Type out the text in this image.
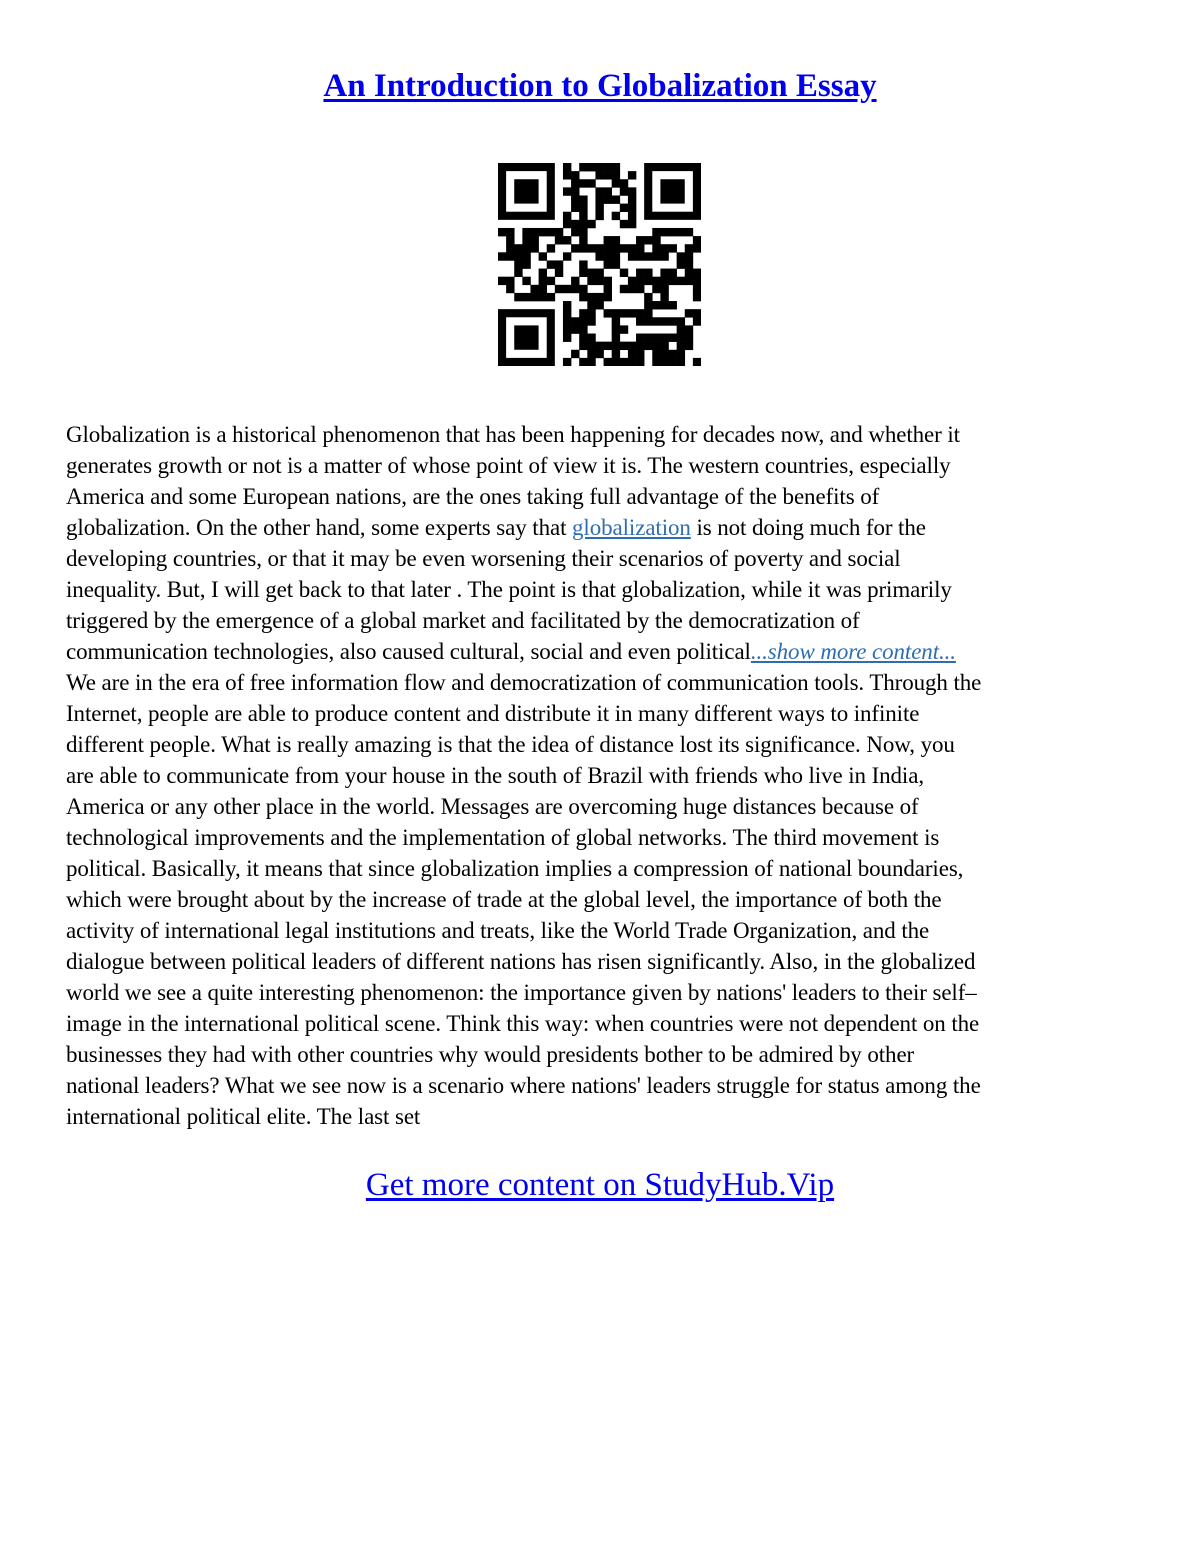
An Introduction to Globalization Essay

Globalization is a historical phenomenon that has been happening for decades now, and whether it
generates growth or not is a matter of whose point of view it is. The western countries, especially
America and some European nations, are the ones taking full advantage of the benefits of
globalization. On the other hand, some experts say that globalization is not doing much for the
developing countries, or that it may be even worsening their scenarios of poverty and social
inequality. But, I will get back to that later . The point is that globalization, while it was primarily
triggered by the emergence of a global market and facilitated by the democratization of
communication technologies, also caused cultural, social and even political...show more content...
We are in the era of free information flow and democratization of communication tools. Through the
Internet, people are able to produce content and distribute it in many different ways to infinite
different people. What is really amazing is that the idea of distance lost its significance. Now, you
are able to communicate from your house in the south of Brazil with friends who live in India,
America or any other place in the world. Messages are overcoming huge distances because of
technological improvements and the implementation of global networks. The third movement is
political. Basically, it means that since globalization implies a compression of national boundaries,
which were brought about by the increase of trade at the global level, the importance of both the
activity of international legal institutions and treats, like the World Trade Organization, and the
dialogue between political leaders of different nations has risen significantly. Also, in the globalized
world we see a quite interesting phenomenon: the importance given by nations' leaders to their self–
image in the international political scene. Think this way: when countries were not dependent on the
businesses they had with other countries why would presidents bother to be admired by other
national leaders? What we see now is a scenario where nations' leaders struggle for status among the
international political elite. The last set

Get more content on StudyHub.Vip
